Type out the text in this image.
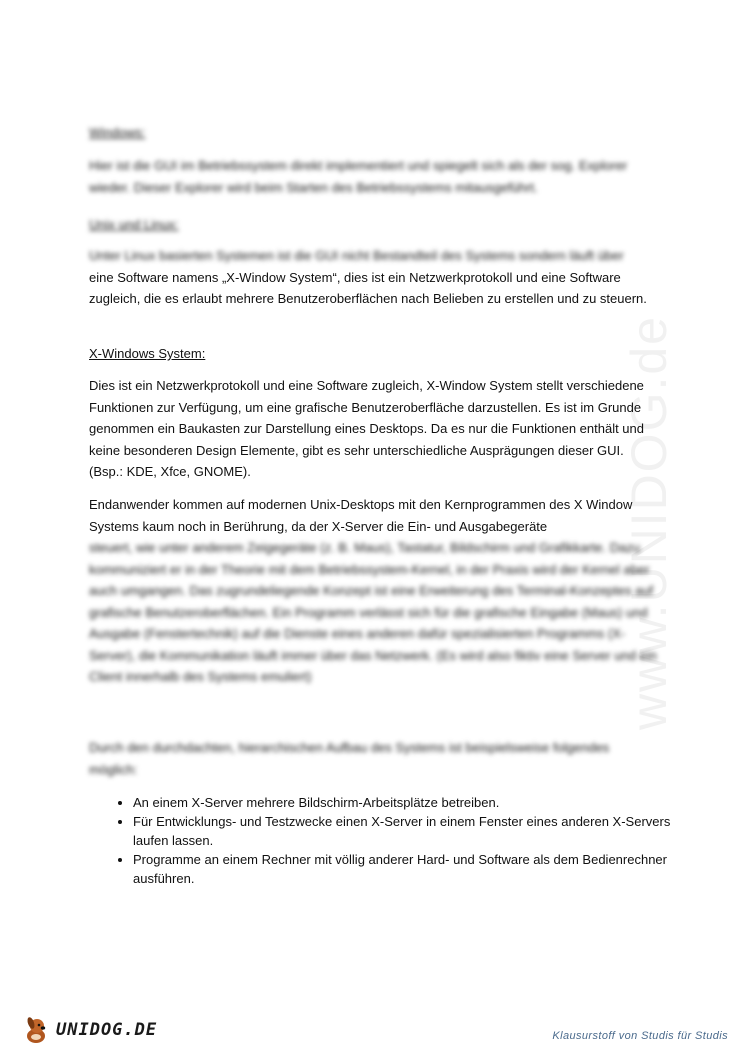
www.UNIDOG.de
Windows:
Hier ist die GUI im Betriebssystem direkt implementiert und spiegelt sich als der sog. Explorer wieder. Dieser Explorer wird beim Starten des Betriebssystems mitausgeführt.
Unix und Linux:
Unter Linux basierten Systemen ist die GUI nicht Bestandteil des Systems sondern läuft über
eine Software namens „X-Window System“, dies ist ein Netzwerkprotokoll und eine Software zugleich, die es erlaubt mehrere Benutzeroberflächen nach Belieben zu erstellen und zu steuern.
X-Windows System:
Dies ist ein Netzwerkprotokoll und eine Software zugleich, X-Window System stellt verschiedene Funktionen zur Verfügung, um eine grafische Benutzeroberfläche darzustellen. Es ist im Grunde genommen ein Baukasten zur Darstellung eines Desktops. Da es nur die Funktionen enthält und keine besonderen Design Elemente, gibt es sehr unterschiedliche Ausprägungen dieser GUI. (Bsp.: KDE, Xfce, GNOME).
Endanwender kommen auf modernen Unix-Desktops mit den Kernprogrammen des X Window Systems kaum noch in Berührung, da der X-Server die Ein- und Ausgabegeräte
steuert, wie unter anderem Zeigegeräte (z. B. Maus), Tastatur, Bildschirm und Grafikkarte. Dazu kommuniziert er in der Theorie mit dem Betriebssystem-Kernel, in der Praxis wird der Kernel aber auch umgangen. Das zugrundeliegende Konzept ist eine Erweiterung des Terminal-Konzeptes auf grafische Benutzeroberflächen. Ein Programm verlässt sich für die grafische Eingabe (Maus) und Ausgabe (Fenstertechnik) auf die Dienste eines anderen dafür spezialisierten Programms (X-Server), die Kommunikation läuft immer über das Netzwerk. (Es wird also fiktiv eine Server und ein Client innerhalb des Systems emuliert)
Durch den durchdachten, hierarchischen Aufbau des Systems ist beispielsweise folgendes möglich:
• An einem X-Server mehrere Bildschirm-Arbeitsplätze betreiben.
• Für Entwicklungs- und Testzwecke einen X-Server in einem Fenster eines anderen X-Servers laufen lassen.
• Programme an einem Rechner mit völlig anderer Hard- und Software als dem Bedienrechner ausführen.
UNIDOG.DE	Klausurstoff von Studis für Studis
